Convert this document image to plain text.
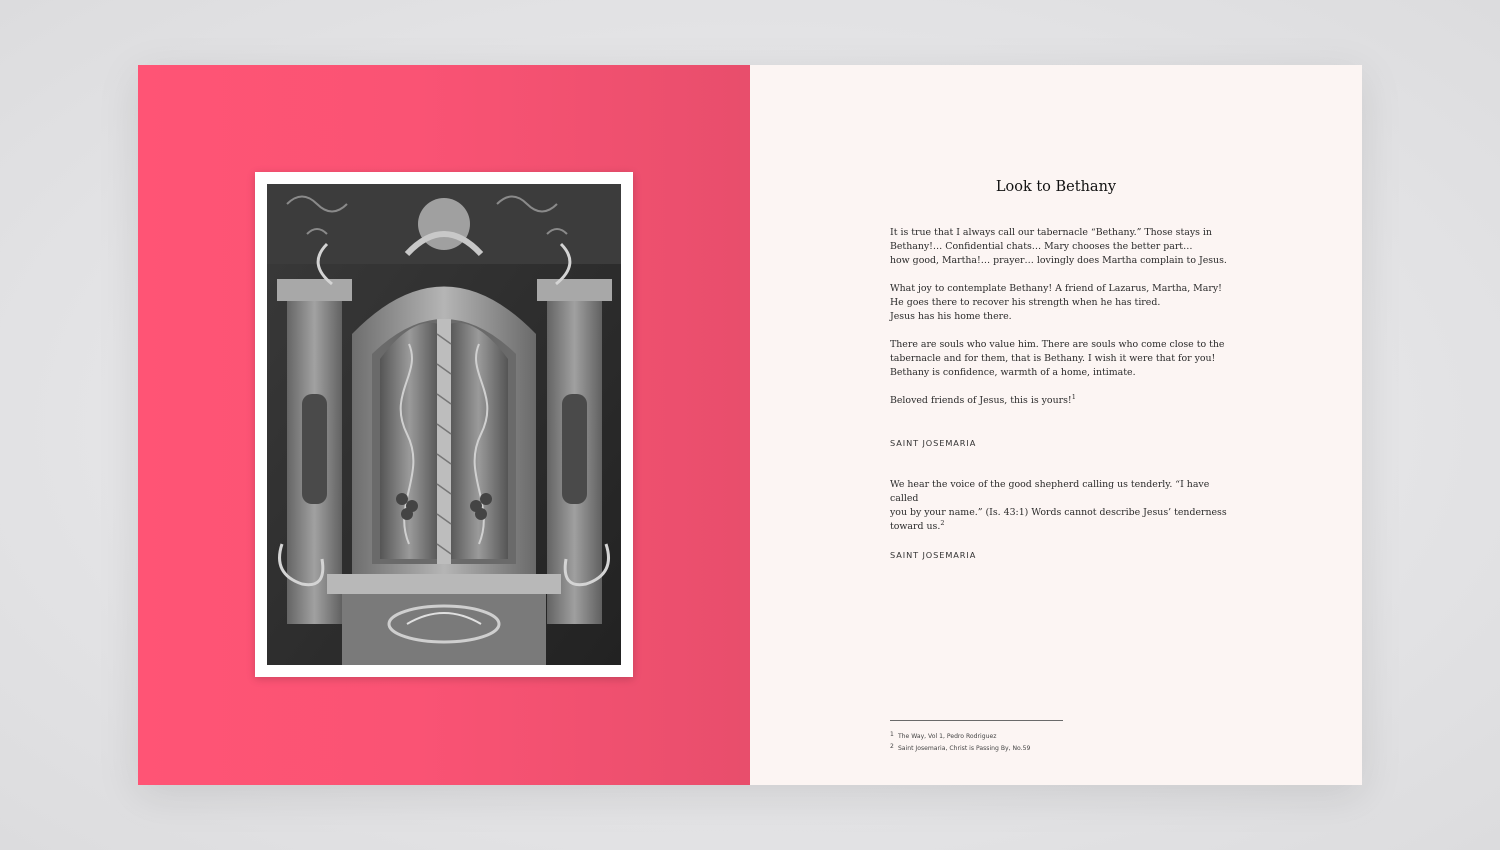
Look to Bethany

It is true that I always call our tabernacle “Bethany.” Those stays in
Bethany!… Confidential chats… Mary chooses the better part…
how good, Martha!… prayer… lovingly does Martha complain to Jesus.

What joy to contemplate Bethany! A friend of Lazarus, Martha, Mary!
He goes there to recover his strength when he has tired.
Jesus has his home there.

There are souls who value him. There are souls who come close to the
tabernacle and for them, that is Bethany. I wish it were that for you!
Bethany is confidence, warmth of a home, intimate.

Beloved friends of Jesus, this is yours!$^1$

SAINT JOSEMARIA

We hear the voice of the good shepherd calling us tenderly. “I have called
you by your name.” (Is. 43:1) Words cannot describe Jesus’ tenderness
toward us.$^2$

SAINT JOSEMARIA
1 The Way, Vol 1, Pedro Rodriguez
2 Saint Josemaria, Christ is Passing By, No.59
